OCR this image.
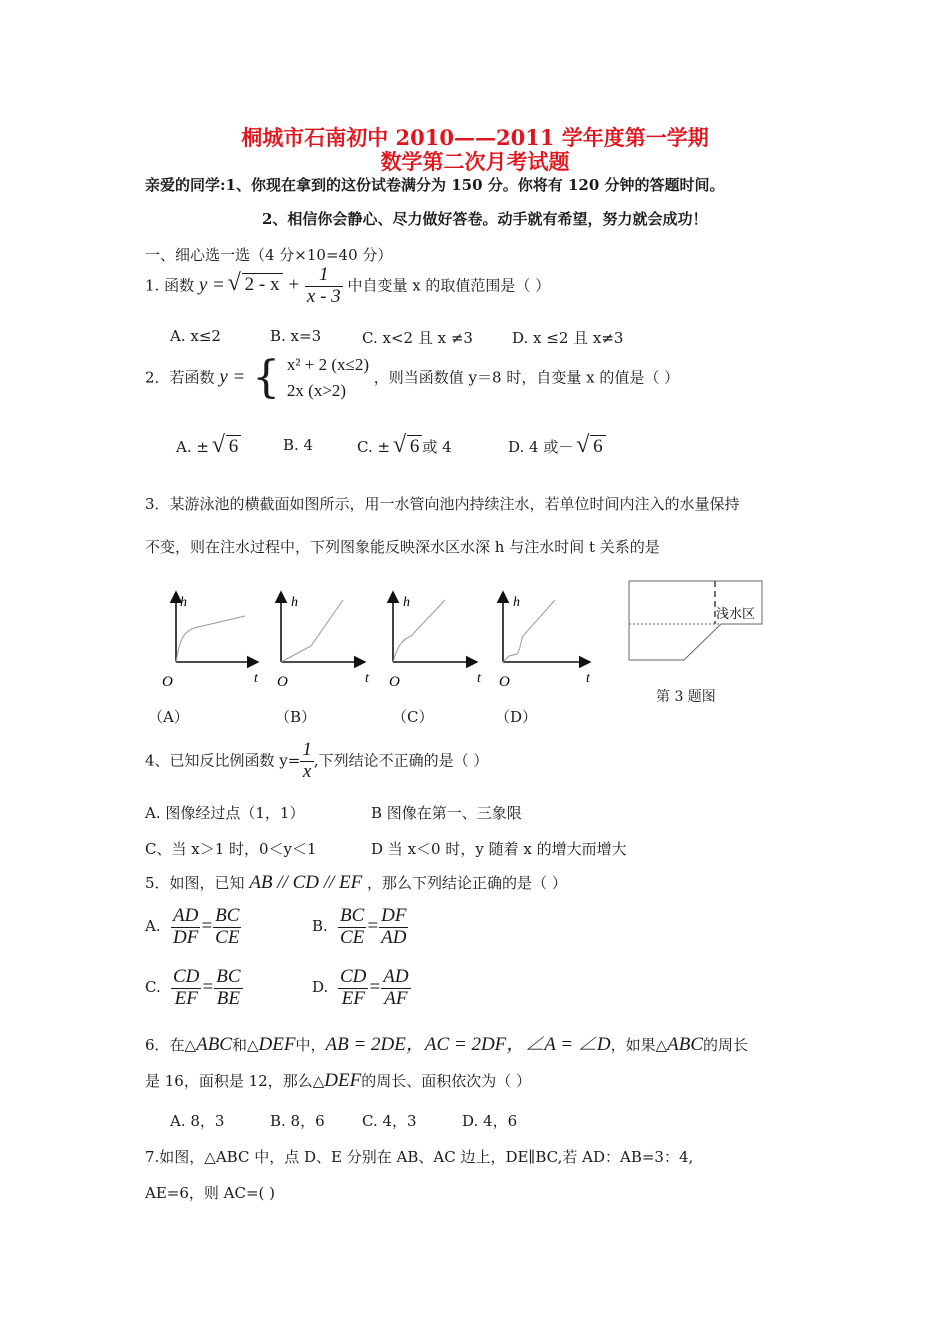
桐城市石南初中 2010——2011 学年度第一学期
数学第二次月考试题
亲爱的同学:1、你现在拿到的这份试卷满分为 150 分。你将有 120 分钟的答题时间。
2、相信你会静心、尽力做好答卷。动手就有希望，努力就会成功！
一、细心选一选（4 分×10=40 分）
1. 函数 y = √ $2 - x + \frac{1}{x - 3}$ 中自变量 x 的取值范围是（ ）
A. x≤2	B. x=3	C. x<2 且 x ≠3	D. x ≤2 且 x≠3
2．若函数 y = { x² + 2 (x≤2)
2x (x>2)
，则当函数值 y＝8 时，自变量 x 的值是（ ）
A. ± √ 6	B. 4	C. ± √ 6 或 4	D. 4 或－ √ 6
3．某游泳池的横截面如图所示，用一水管向池内持续注水，若单位时间内注入的水量保持
不变，则在注水过程中，下列图象能反映深水区水深 h 与注水时间 t 关系的是
h
t
O
h
t
O
h
t
O
h
t
O
浅水区
第 3 题图
（A）	（B）	（C）	（D）
4、已知反比例函数 $y= \frac{1}{x}$ ,下列结论不正确的是（ ）
A. 图像经过点（1，1）	B 图像在第一、三象限
C、当 x＞1 时，0＜y＜1	D 当 x＜0 时，y 随着 x 的增大而增大
5．如图，已知 AB // CD // EF ，那么下列结论正确的是（ ）
A. $\frac{AD}{DF} = \frac{BC}{CE}$	B. $\frac{BC}{CE} = \frac{DF}{AD}$
C. $\frac{CD}{EF} = \frac{BC}{BE}$	D. $\frac{CD}{EF} = \frac{AD}{AF}$
6．在△ABC和△DEF中，AB = 2DE，AC = 2DF，∠A = ∠D，如果△ABC的周长
是 16，面积是 12，那么△DEF的周长、面积依次为（ ）
A. 8，3	B. 8，6 C. 4，3	D. 4，6
7.如图，△ABC 中，点 D、E 分别在 AB、AC 边上，DE∥BC,若 AD：AB=3：4,
AE=6，则 AC=( )
